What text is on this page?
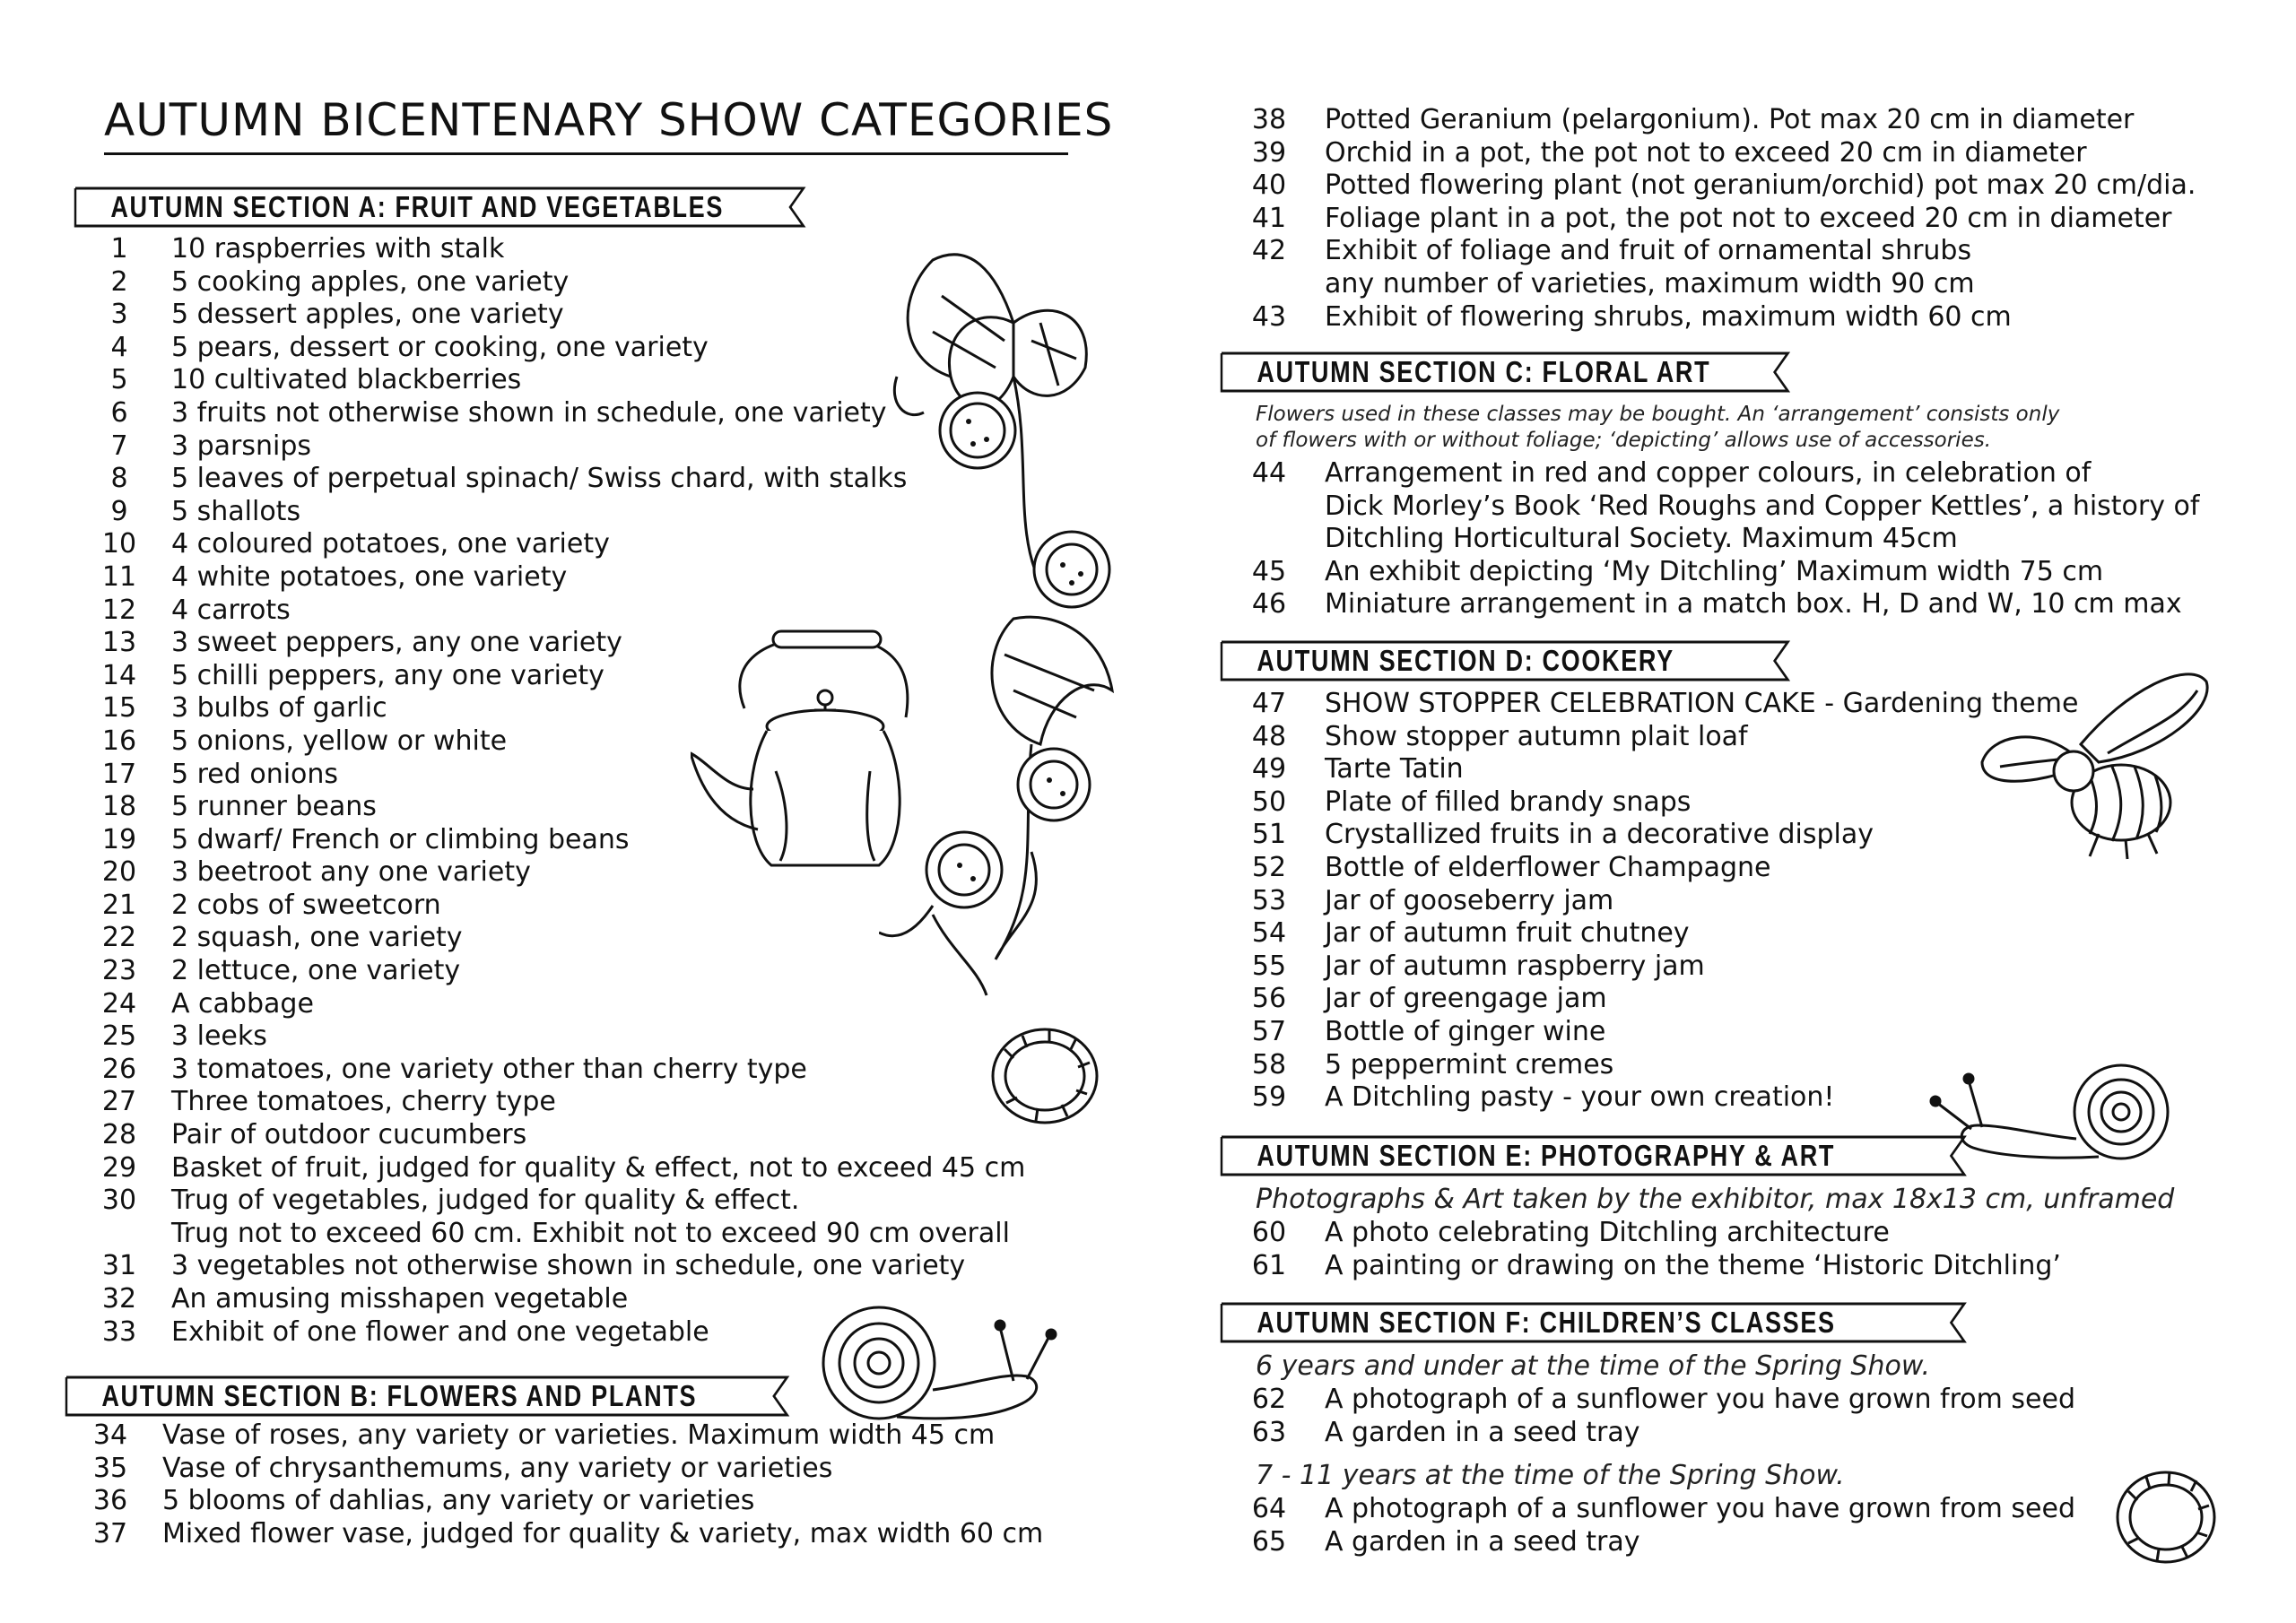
AUTUMN BICENTENARY SHOW CATEGORIES
AUTUMN SECTION A: FRUIT AND VEGETABLES
1	10 raspberries with stalk
2	5 cooking apples, one variety
3	5 dessert apples, one variety
4	5 pears, dessert or cooking, one variety
5	10 cultivated blackberries
6	3 fruits not otherwise shown in schedule, one variety
7	3 parsnips
8	5 leaves of perpetual spinach/ Swiss chard, with stalks
9	5 shallots
10	4 coloured potatoes, one variety
11	4 white potatoes, one variety
12	4 carrots
13	3 sweet peppers, any one variety
14	5 chilli peppers, any one variety
15	3 bulbs of garlic
16	5 onions, yellow or white
17	5 red onions
18	5 runner beans
19	5 dwarf/ French or climbing beans
20	3 beetroot any one variety
21	2 cobs of sweetcorn
22	2 squash, one variety
23	2 lettuce, one variety
24	A cabbage
25	3 leeks
26	3 tomatoes, one variety other than cherry type
27	Three tomatoes, cherry type
28	Pair of outdoor cucumbers
29	Basket of fruit, judged for quality & effect, not to exceed 45 cm
30	Trug of vegetables, judged for quality & effect.
Trug not to exceed 60 cm. Exhibit not to exceed 90 cm overall
31	3 vegetables not otherwise shown in schedule, one variety
32	An amusing misshapen vegetable
33	Exhibit of one flower and one vegetable
AUTUMN SECTION B: FLOWERS AND PLANTS
34	Vase of roses, any variety or varieties. Maximum width 45 cm
35	Vase of chrysanthemums, any variety or varieties
36	5 blooms of dahlias, any variety or varieties
37	Mixed flower vase, judged for quality & variety, max width 60 cm
38	Potted Geranium (pelargonium). Pot max 20 cm in diameter
39	Orchid in a pot, the pot not to exceed 20 cm in diameter
40	Potted flowering plant (not geranium/orchid) pot max 20 cm/dia.
41	Foliage plant in a pot, the pot not to exceed 20 cm in diameter
42	Exhibit of foliage and fruit of ornamental shrubs
any number of varieties, maximum width 90 cm
43	Exhibit of flowering shrubs, maximum width 60 cm
AUTUMN SECTION C: FLORAL ART
Flowers used in these classes may be bought. An ‘arrangement’ consists only
of flowers with or without foliage; ‘depicting’ allows use of accessories.
44	Arrangement in red and copper colours, in celebration of
Dick Morley’s Book ‘Red Roughs and Copper Kettles’, a history of
Ditchling Horticultural Society. Maximum 45cm
45	An exhibit depicting ‘My Ditchling’ Maximum width 75 cm
46	Miniature arrangement in a match box. H, D and W, 10 cm max
AUTUMN SECTION D: COOKERY
47	SHOW STOPPER CELEBRATION CAKE - Gardening theme
48	Show stopper autumn plait loaf
49	Tarte Tatin
50	Plate of filled brandy snaps
51	Crystallized fruits in a decorative display
52	Bottle of elderflower Champagne
53	Jar of gooseberry jam
54	Jar of autumn fruit chutney
55	Jar of autumn raspberry jam
56	Jar of greengage jam
57	Bottle of ginger wine
58	5 peppermint cremes
59	A Ditchling pasty - your own creation!
AUTUMN SECTION E: PHOTOGRAPHY & ART
Photographs & Art taken by the exhibitor, max 18x13 cm, unframed
60	A photo celebrating Ditchling architecture
61	A painting or drawing on the theme ‘Historic Ditchling’
AUTUMN SECTION F: CHILDREN’S CLASSES
6 years and under at the time of the Spring Show.
62	A photograph of a sunflower you have grown from seed
63	A garden in a seed tray
7 - 11 years at the time of the Spring Show.
64	A photograph of a sunflower you have grown from seed
65	A garden in a seed tray
